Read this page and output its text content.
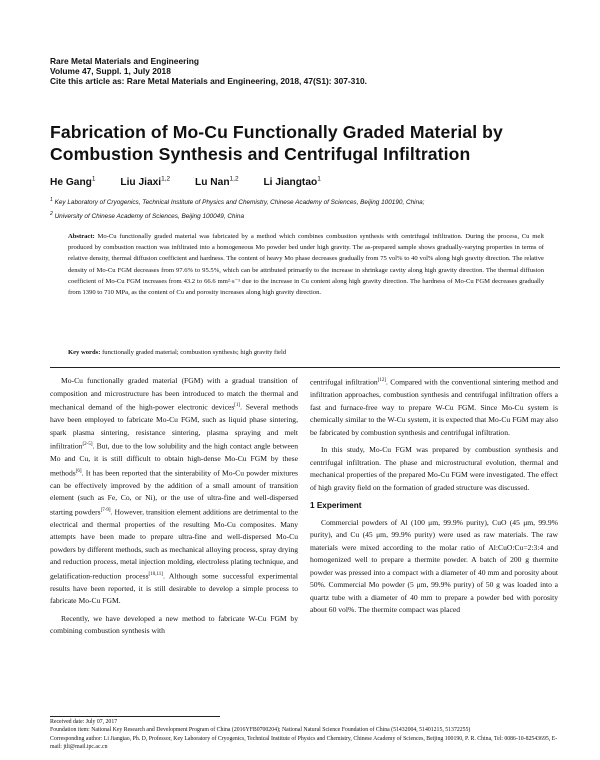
Rare Metal Materials and Engineering
Volume 47, Suppl. 1, July 2018
Cite this article as: Rare Metal Materials and Engineering, 2018, 47(S1): 307-310.
Fabrication of Mo-Cu Functionally Graded Material by Combustion Synthesis and Centrifugal Infiltration
He Gang$^1$ Liu Jiaxi$^{1,2}$ Lu Nan$^{1,2}$ Li Jiangtao$^1$
$^1$ Key Laboratory of Cryogenics, Technical Institute of Physics and Chemistry, Chinese Academy of Sciences, Beijing 100190, China;
$^2$ University of Chinese Academy of Sciences, Beijing 100049, China
Abstract: Mo-Cu functionally graded material was fabricated by a method which combines combustion synthesis with centrifugal infiltration. During the process, Cu melt produced by combustion reaction was infiltrated into a homogeneous Mo powder bed under high gravity. The as-prepared sample shows gradually-varying properties in terms of relative density, thermal diffusion coefficient and hardness. The content of heavy Mo phase decreases gradually from 75 vol% to 40 vol% along high gravity direction. The relative density of Mo-Cu FGM decreases from 97.6% to 95.5%, which can be attributed primarily to the increase in shrinkage cavity along high gravity direction. The thermal diffusion coefficient of Mo-Cu FGM increases from 43.2 to 66.6 mm²·s⁻¹ due to the increase in Cu content along high gravity direction. The hardness of Mo-Cu FGM decreases gradually from 1390 to 710 MPa, as the content of Cu and porosity increases along high gravity direction.
Key words: functionally graded material; combustion synthesis; high gravity field

Mo-Cu functionally graded material (FGM) with a gradual transition of composition and microstructure has been introduced to match the thermal and mechanical demand of the high-power electronic devices[1]. Several methods have been employed to fabricate Mo-Cu FGM, such as liquid phase sintering, spark plasma sintering, resistance sintering, plasma spraying and melt infiltration[2-5]. But, due to the low solubility and the high contact angle between Mo and Cu, it is still difficult to obtain high-dense Mo-Cu FGM by these methods[6]. It has been reported that the sinterability of Mo-Cu powder mixtures can be effectively improved by the addition of a small amount of transition element (such as Fe, Co, or Ni), or the use of ultra-fine and well-dispersed starting powders[7-9]. However, transition element additions are detrimental to the electrical and thermal properties of the resulting Mo-Cu composites. Many attempts have been made to prepare ultra-fine and well-dispersed Mo-Cu powders by different methods, such as mechanical alloying process, spray drying and reduction process, metal injection molding, electroless plating technique, and gelatification-reduction process[10,11]. Although some successful experimental results have been reported, it is still desirable to develop a simple process to fabricate Mo-Cu FGM.

Recently, we have developed a new method to fabricate W-Cu FGM by combining combustion synthesis with

centrifugal infiltration[12]. Compared with the conventional sintering method and infiltration approaches, combustion synthesis and centrifugal infiltration offers a fast and furnace-free way to prepare W-Cu FGM. Since Mo-Cu system is chemically similar to the W-Cu system, it is expected that Mo-Cu FGM may also be fabricated by combustion synthesis and centrifugal infiltration.

In this study, Mo-Cu FGM was prepared by combustion synthesis and centrifugal infiltration. The phase and microstructural evolution, thermal and mechanical properties of the prepared Mo-Cu FGM were investigated. The effect of high gravity field on the formation of graded structure was discussed.

1 Experiment

Commercial powders of Al (100 μm, 99.9% purity), CuO (45 μm, 99.9% purity), and Cu (45 μm, 99.9% purity) were used as raw materials. The raw materials were mixed according to the molar ratio of Al:CuO:Cu=2:3:4 and homogenized well to prepare a thermite powder. A batch of 200 g thermite powder was pressed into a compact with a diameter of 40 mm and porosity about 50%. Commercial Mo powder (5 μm, 99.9% purity) of 50 g was loaded into a quartz tube with a diameter of 40 mm to prepare a powder bed with porosity about 60 vol%. The thermite compact was placed

Received date: July 07, 2017
Foundation item: National Key Research and Development Program of China (2016YFB0700204); National Natural Science Foundation of China (51432004, 51401215, 51372255)
Corresponding author: Li Jiangtao, Ph. D, Professor, Key Laboratory of Cryogenics, Technical Institute of Physics and Chemistry, Chinese Academy of Sciences, Beijing 100190, P. R. China, Tel: 0086-10-82543695, E-mail: jtli@mail.ipc.ac.cn
